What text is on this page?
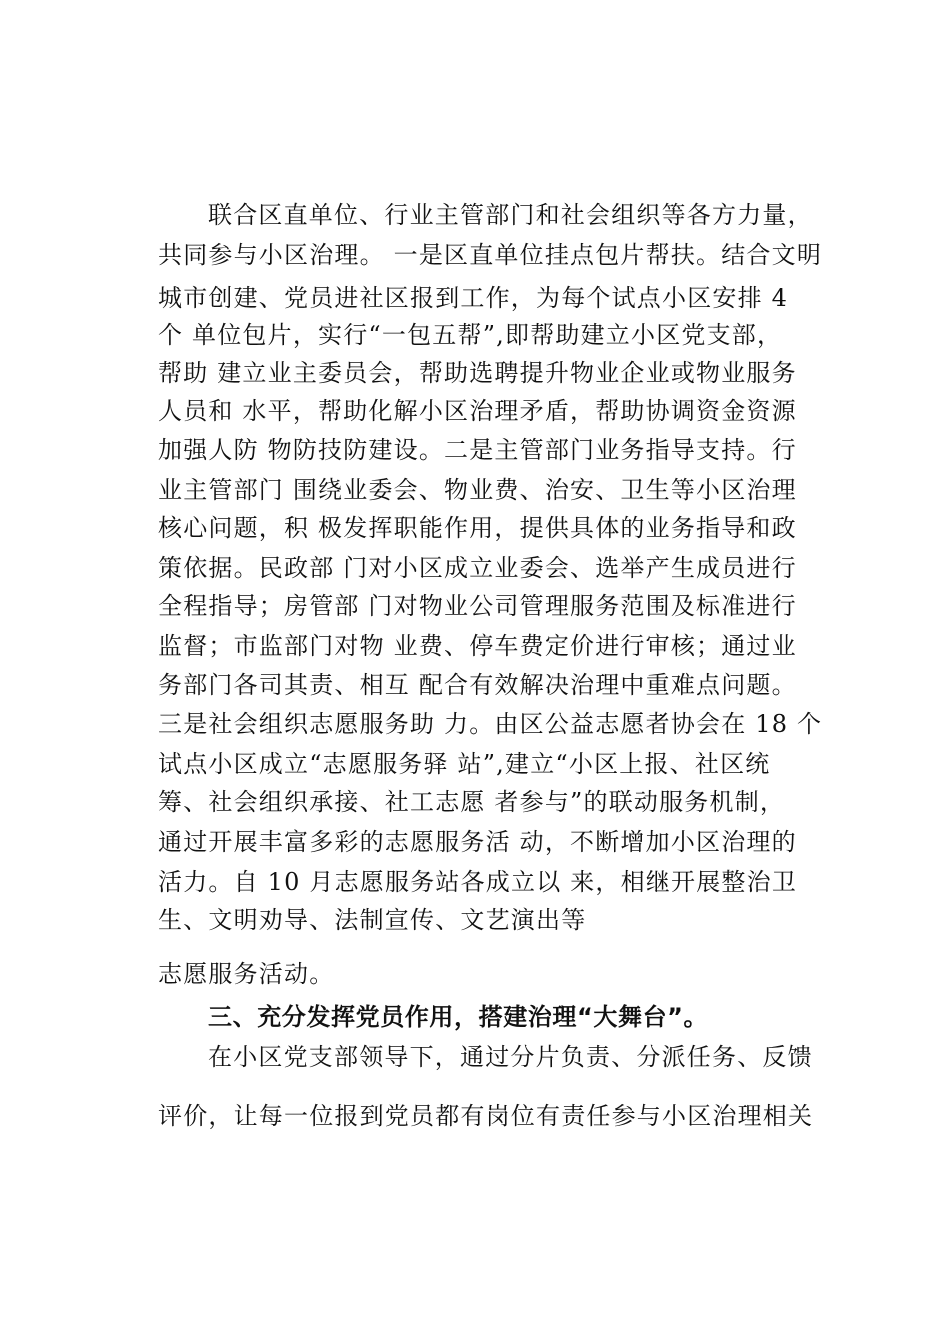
联合区直单位、行业主管部门和社会组织等各方力量，
共同参与小区治理。 一是区直单位挂点包片帮扶。结合文明
城市创建、党员进社区报到工作，为每个试点小区安排 4
个 单位包片，实行“一包五帮”,即帮助建立小区党支部，
帮助 建立业主委员会，帮助选聘提升物业企业或物业服务
人员和 水平，帮助化解小区治理矛盾，帮助协调资金资源
加强人防 物防技防建设。二是主管部门业务指导支持。行
业主管部门 围绕业委会、物业费、治安、卫生等小区治理
核心问题，积 极发挥职能作用，提供具体的业务指导和政
策依据。民政部 门对小区成立业委会、选举产生成员进行
全程指导；房管部 门对物业公司管理服务范围及标准进行
监督；市监部门对物 业费、停车费定价进行审核；通过业
务部门各司其责、相互 配合有效解决治理中重难点问题。
三是社会组织志愿服务助 力。由区公益志愿者协会在 18 个
试点小区成立“志愿服务驿 站”,建立“小区上报、社区统
筹、社会组织承接、社工志愿 者参与”的联动服务机制，
通过开展丰富多彩的志愿服务活 动，不断增加小区治理的
活力。自 10 月志愿服务站各成立以 来，相继开展整治卫
生、文明劝导、法制宣传、文艺演出等
志愿服务活动。
三、充分发挥党员作用，搭建治理“大舞台”。
在小区党支部领导下，通过分片负责、分派任务、反馈
评价，让每一位报到党员都有岗位有责任参与小区治理相关
